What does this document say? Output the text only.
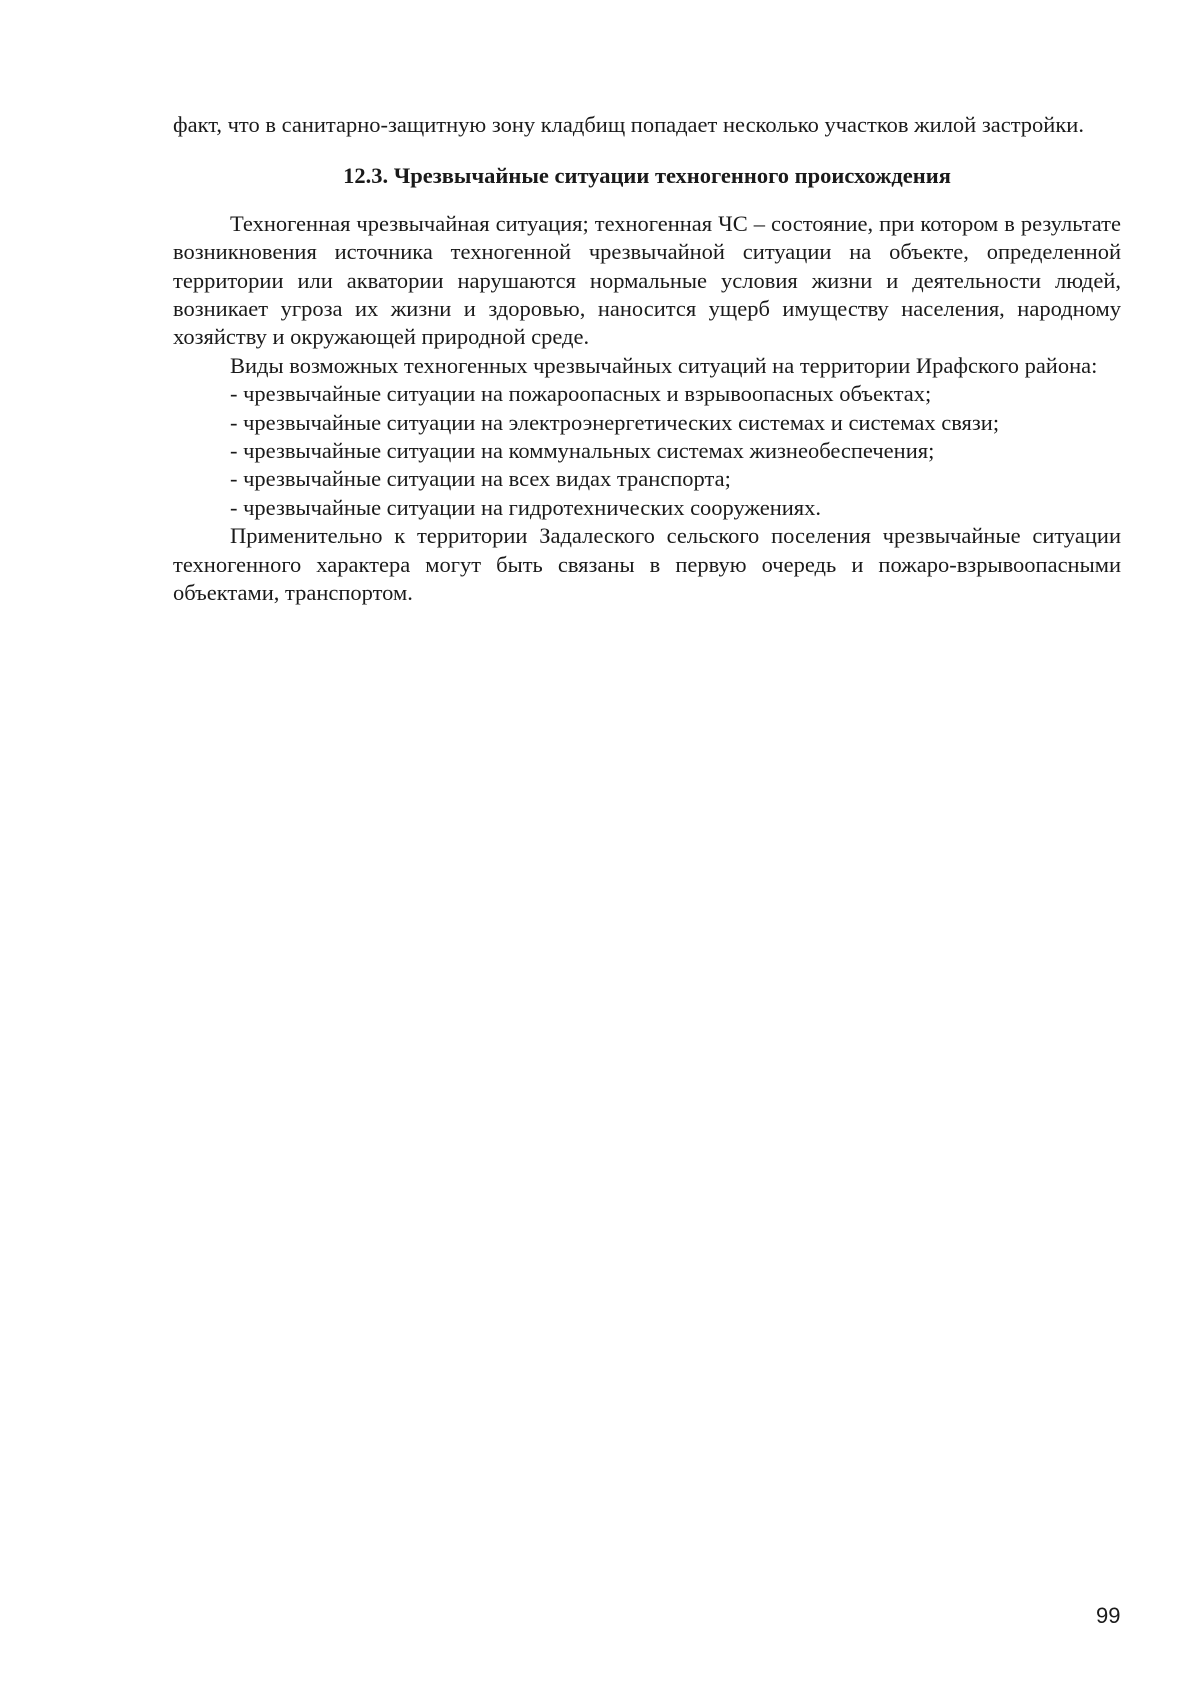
факт, что в санитарно-защитную зону кладбищ попадает несколько участков жилой застройки.

12.3. Чрезвычайные ситуации техногенного происхождения

Техногенная чрезвычайная ситуация; техногенная ЧС – состояние, при котором в результате возникновения источника техногенной чрезвычайной ситуации на объекте, определенной территории или акватории нарушаются нормальные условия жизни и деятельности людей, возникает угроза их жизни и здоровью, наносится ущерб имуществу населения, народному хозяйству и окружающей природной среде.

Виды возможных техногенных чрезвычайных ситуаций на территории Ирафского района:

- чрезвычайные ситуации на пожароопасных и взрывоопасных объектах;
- чрезвычайные ситуации на электроэнергетических системах и системах связи;
- чрезвычайные ситуации на коммунальных системах жизнеобеспечения;
- чрезвычайные ситуации на всех видах транспорта;
- чрезвычайные ситуации на гидротехнических сооружениях.

Применительно к территории Задалеского сельского поселения чрезвычайные ситуации техногенного характера могут быть связаны в первую очередь и пожаро-взрывоопасными объектами, транспортом.

99
